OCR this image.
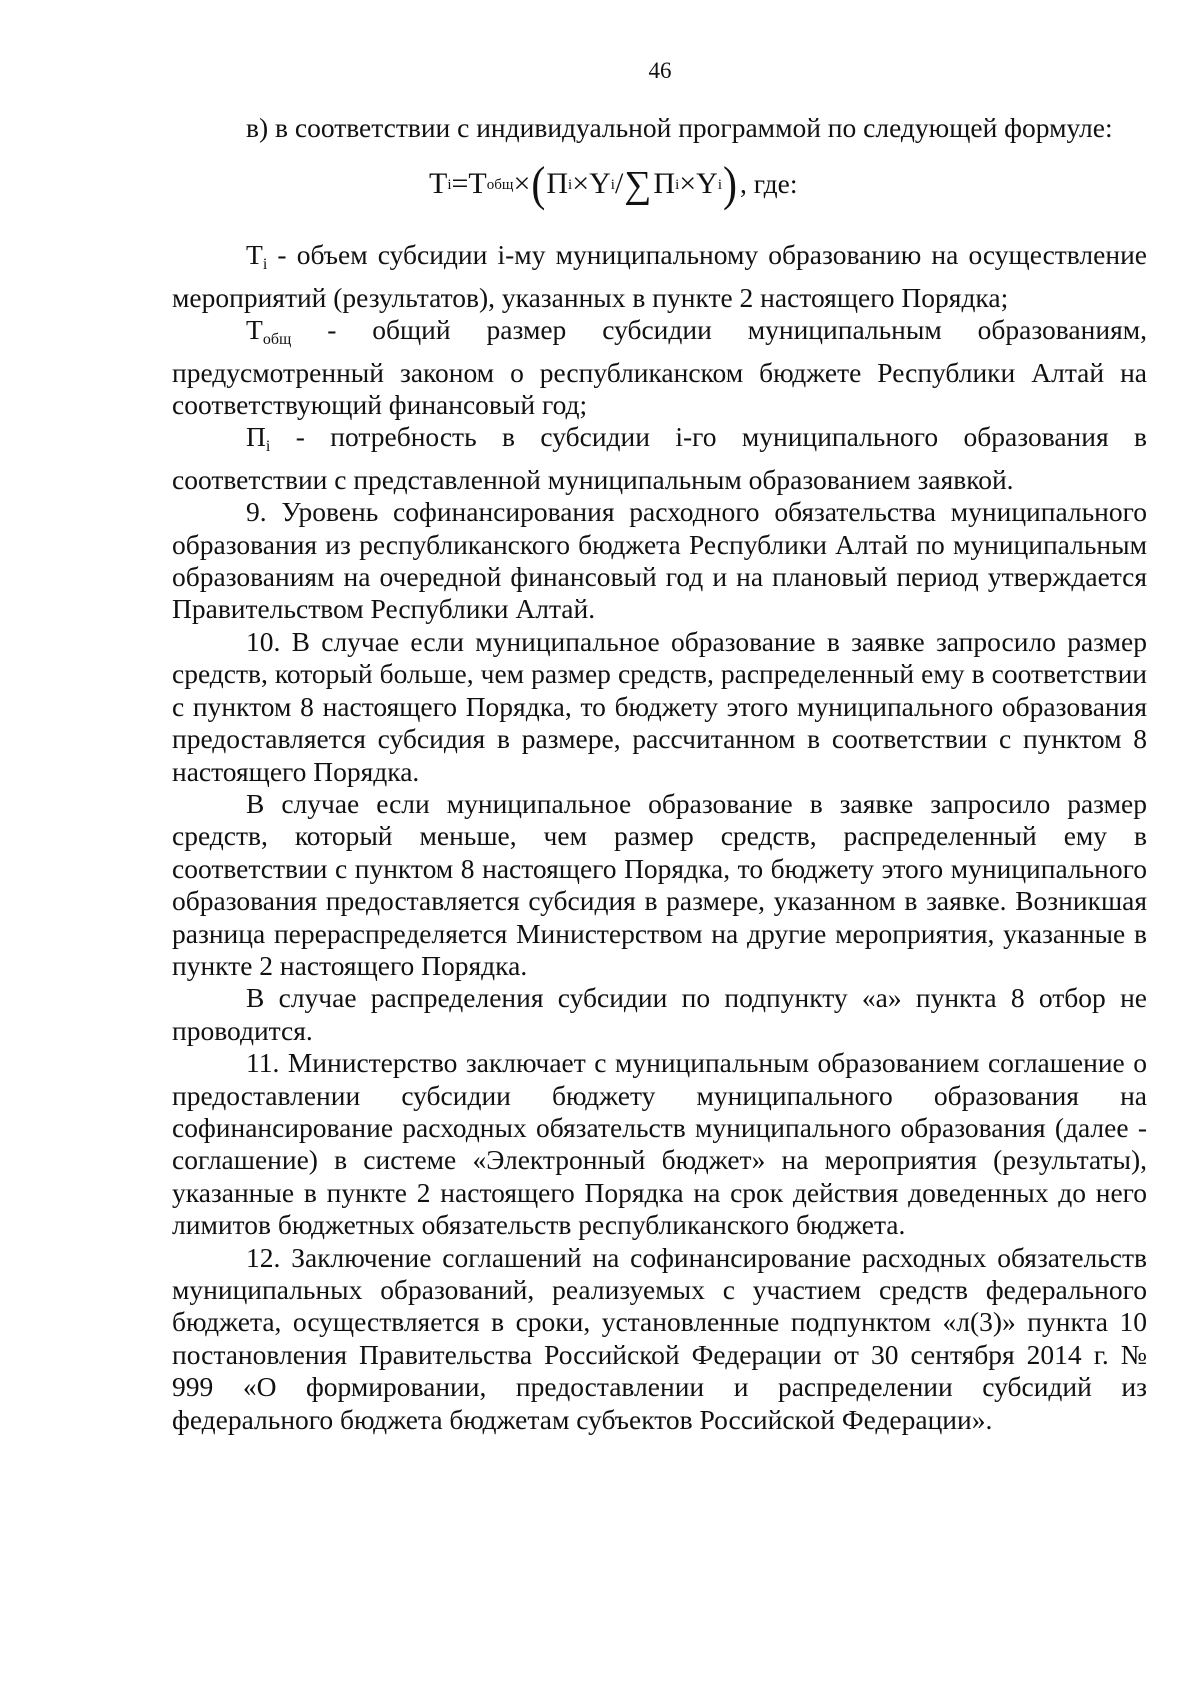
46

в) в соответствии с индивидуальной программой по следующей формуле:

T i = T общ × ( П i × Y i / ∑ П i × Y i ) , где:

$T_i$ - объем субсидии i-му муниципальному образованию на осуществление мероприятий (результатов), указанных в пункте 2 настоящего Порядка;

$Т_{общ}$ - общий размер субсидии муниципальным образованиям, предусмотренный законом о республиканском бюджете Республики Алтай на соответствующий финансовый год;

$П_i$ - потребность в субсидии i-го муниципального образования в соответствии с представленной муниципальным образованием заявкой.

9. Уровень софинансирования расходного обязательства муниципального образования из республиканского бюджета Республики Алтай по муниципальным образованиям на очередной финансовый год и на плановый период утверждается Правительством Республики Алтай.

10. В случае если муниципальное образование в заявке запросило размер средств, который больше, чем размер средств, распределенный ему в соответствии с пунктом 8 настоящего Порядка, то бюджету этого муниципального образования предоставляется субсидия в размере, рассчитанном в соответствии с пунктом 8 настоящего Порядка.

В случае если муниципальное образование в заявке запросило размер средств, который меньше, чем размер средств, распределенный ему в соответствии с пунктом 8 настоящего Порядка, то бюджету этого муниципального образования предоставляется субсидия в размере, указанном в заявке. Возникшая разница перераспределяется Министерством на другие мероприятия, указанные в пункте 2 настоящего Порядка.

В случае распределения субсидии по подпункту «а» пункта 8 отбор не проводится.

11. Министерство заключает с муниципальным образованием соглашение о предоставлении субсидии бюджету муниципального образования на софинансирование расходных обязательств муниципального образования (далее - соглашение) в системе «Электронный бюджет» на мероприятия (результаты), указанные в пункте 2 настоящего Порядка на срок действия доведенных до него лимитов бюджетных обязательств республиканского бюджета.

12. Заключение соглашений на софинансирование расходных обязательств муниципальных образований, реализуемых с участием средств федерального бюджета, осуществляется в сроки, установленные подпунктом «л(3)» пункта 10 постановления Правительства Российской Федерации от 30 сентября 2014 г. № 999 «О формировании, предоставлении и распределении субсидий из федерального бюджета бюджетам субъектов Российской Федерации».
